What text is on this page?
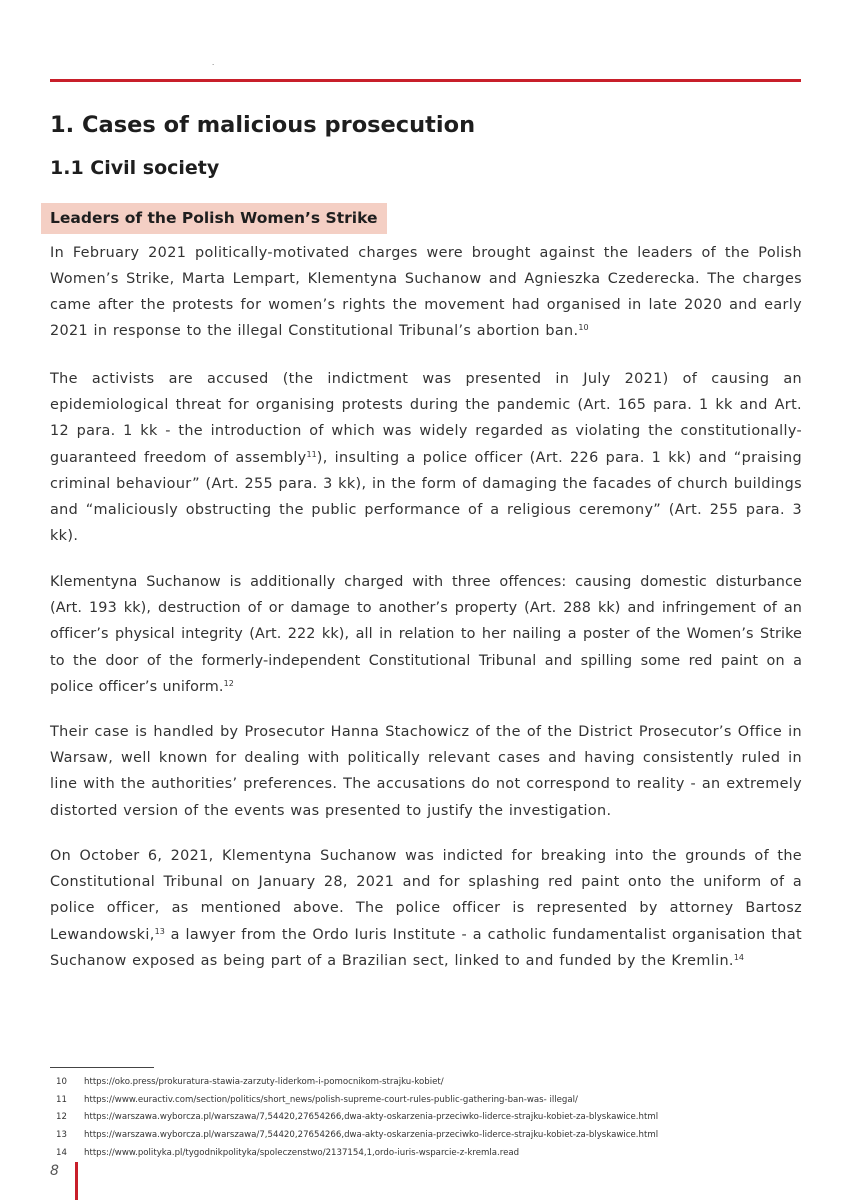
.
1. Cases of malicious prosecution
1.1 Civil society
Leaders of the Polish Women’s Strike

In February 2021 politically-motivated charges were brought against the leaders of the Polish Women’s Strike, Marta Lempart, Klementyna Suchanow and Agnieszka Czederecka. The charges came after the protests for women’s rights the movement had organised in late 2020 and early 2021 in response to the illegal Constitutional Tribunal’s abortion ban.$^{10}$

The activists are accused (the indictment was presented in July 2021) of causing an epidemiological threat for organising protests during the pandemic (Art. 165 para. 1 kk and Art. 12 para. 1 kk - the introduction of which was widely regarded as violating the constitutionally-guaranteed freedom of assembly$^{11}$), insulting a police officer (Art. 226 para. 1 kk) and “praising criminal behaviour” (Art. 255 para. 3 kk), in the form of damaging the facades of church buildings and “maliciously obstructing the public performance of a religious ceremony” (Art. 255 para. 3 kk).

Klementyna Suchanow is additionally charged with three offences: causing domestic disturbance (Art. 193 kk), destruction of or damage to another’s property (Art. 288 kk) and infringement of an officer’s physical integrity (Art. 222 kk), all in relation to her nailing a poster of the Women’s Strike to the door of the formerly-independent Constitutional Tribunal and spilling some red paint on a police officer’s uniform.$^{12}$

Their case is handled by Prosecutor Hanna Stachowicz of the of the District Prosecutor’s Office in Warsaw, well known for dealing with politically relevant cases and having consistently ruled in line with the authorities’ preferences. The accusations do not correspond to reality - an extremely distorted version of the events was presented to justify the investigation.

On October 6, 2021, Klementyna Suchanow was indicted for breaking into the grounds of the Constitutional Tribunal on January 28, 2021 and for splashing red paint onto the uniform of a police officer, as mentioned above. The police officer is represented by attorney Bartosz Lewandowski,$^{13}$ a lawyer from the Ordo Iuris Institute - a catholic fundamentalist organisation that Suchanow exposed as being part of a Brazilian sect, linked to and funded by the Kremlin.$^{14}$

10 https://oko.press/prokuratura-stawia-zarzuty-liderkom-i-pomocnikom-strajku-kobiet/
11 https://www.euractiv.com/section/politics/short_news/polish-supreme-court-rules-public-gathering-ban-was- illegal/
12 https://warszawa.wyborcza.pl/warszawa/7,54420,27654266,dwa-akty-oskarzenia-przeciwko-liderce-strajku-kobiet-za-blyskawice.html
13 https://warszawa.wyborcza.pl/warszawa/7,54420,27654266,dwa-akty-oskarzenia-przeciwko-liderce-strajku-kobiet-za-blyskawice.html
14 https://www.polityka.pl/tygodnikpolityka/spoleczenstwo/2137154,1,ordo-iuris-wsparcie-z-kremla.read
8
